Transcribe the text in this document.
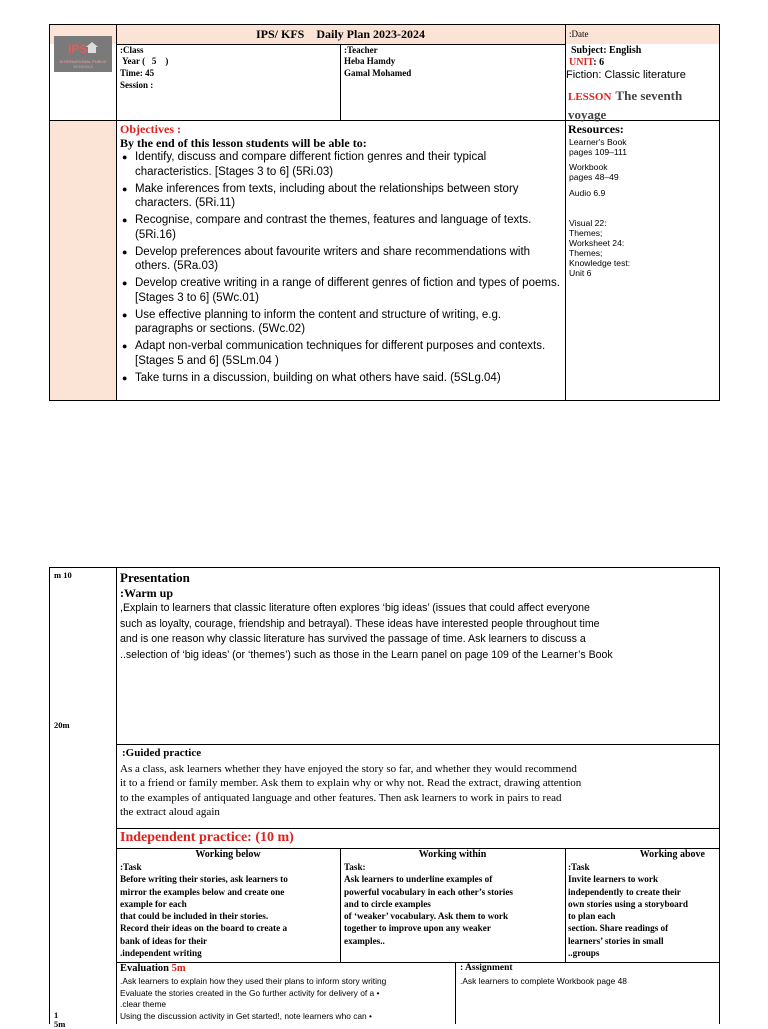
IPS
INTERNATIONAL PUBLIC SCHOOLS
IPS/ KFS    Daily Plan 2023-2024	:Date
:Class
Year (   5    )
Time: 45
Session :
:Teacher
Heba Hamdy
Gamal Mohamed
Subject: English
UNIT: 6
Fiction: Classic literature
LESSON The seventh voyage
Objectives :
By the end of this lesson students will be able to:
● Identify, discuss and compare different fiction genres and their typical characteristics. [Stages 3 to 6] (5Ri.03)
● Make inferences from texts, including about the relationships between story characters. (5Ri.11)
● Recognise, compare and contrast the themes, features and language of texts. (5Ri.16)
● Develop preferences about favourite writers and share recommendations with others. (5Ra.03)
● Develop creative writing in a range of different genres of fiction and types of poems. [Stages 3 to 6] (5Wc.01)
● Use effective planning to inform the content and structure of writing, e.g. paragraphs or sections. (5Wc.02)
● Adapt non-verbal communication techniques for different purposes and contexts. [Stages 5 and 6] (5SLm.04 )
● Take turns in a discussion, building on what others have said. (5SLg.04)
Resources:
Learner's Book
pages 109–111
Workbook
pages 48–49
Audio 6.9
Visual 22:
Themes;
Worksheet 24:
Themes;
Knowledge test:
Unit 6
m 10
20m
1
5m
Presentation
:Warm up
,Explain to learners that classic literature often explores ‘big ideas’ (issues that could affect everyone
such as loyalty, courage, friendship and betrayal). These ideas have interested people throughout time
and is one reason why classic literature has survived the passage of time. Ask learners to discuss a
..selection of ‘big ideas’ (or ‘themes’) such as those in the Learn panel on page 109 of the Learner’s Book
:Guided practice
As a class, ask learners whether they have enjoyed the story so far, and whether they would recommend
it to a friend or family member. Ask them to explain why or why not. Read the extract, drawing attention
to the examples of antiquated language and other features. Then ask learners to work in pairs to read
the extract aloud again
Independent practice: (10 m)
Working below
:Task
Before writing their stories, ask learners to
mirror the examples below and create one
example for each
that could be included in their stories.
Record their ideas on the board to create a
bank of ideas for their
.independent writing
Working within
Task:
Ask learners to underline examples of
powerful vocabulary in each other’s stories
and to circle examples
of ‘weaker’ vocabulary. Ask them to work
together to improve upon any weaker
examples..
Working above
:Task
Invite learners to work
independently to create their
own stories using a storyboard
to plan each
section. Share readings of
learners’ stories in small
..groups
Evaluation 5m
.Ask learners to explain how they used their plans to inform story writing
Evaluate the stories created in the Go further activity for delivery of a •
.clear theme
Using the discussion activity in Get started!, note learners who can •
: Assignment
.Ask learners to complete Workbook page 48
